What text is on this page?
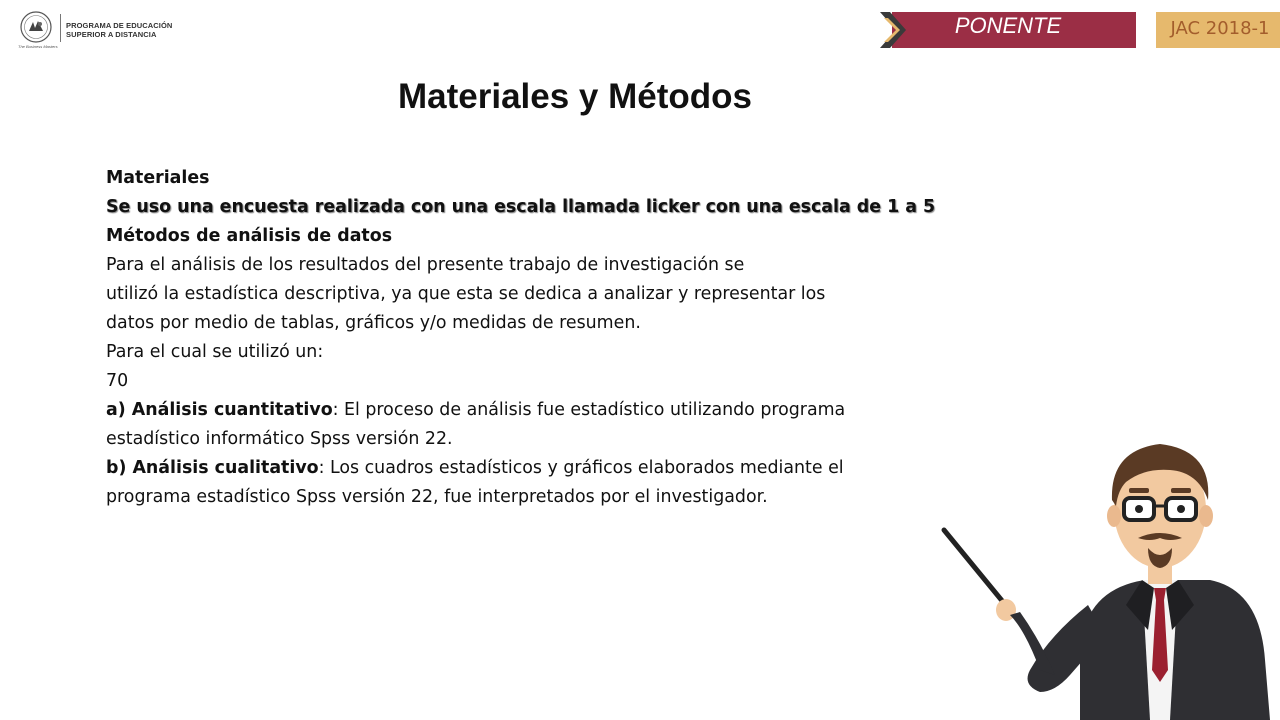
The Business Masters
PROGRAMA DE EDUCACIÓN
SUPERIOR A DISTANCIA	PONENTE	JAC 2018-1
Materiales y Métodos

Materiales

Se uso una encuesta realizada con una escala llamada licker con una escala de 1 a 5

Métodos de análisis de datos

Para el análisis de los resultados del presente trabajo de investigación se

utilizó la estadística descriptiva, ya que esta se dedica a analizar y representar los

datos por medio de tablas, gráficos y/o medidas de resumen.

Para el cual se utilizó un:

70

a) Análisis cuantitativo: El proceso de análisis fue estadístico utilizando programa

estadístico informático Spss versión 22.

b) Análisis cualitativo: Los cuadros estadísticos y gráficos elaborados mediante el

programa estadístico Spss versión 22, fue interpretados por el investigador.
